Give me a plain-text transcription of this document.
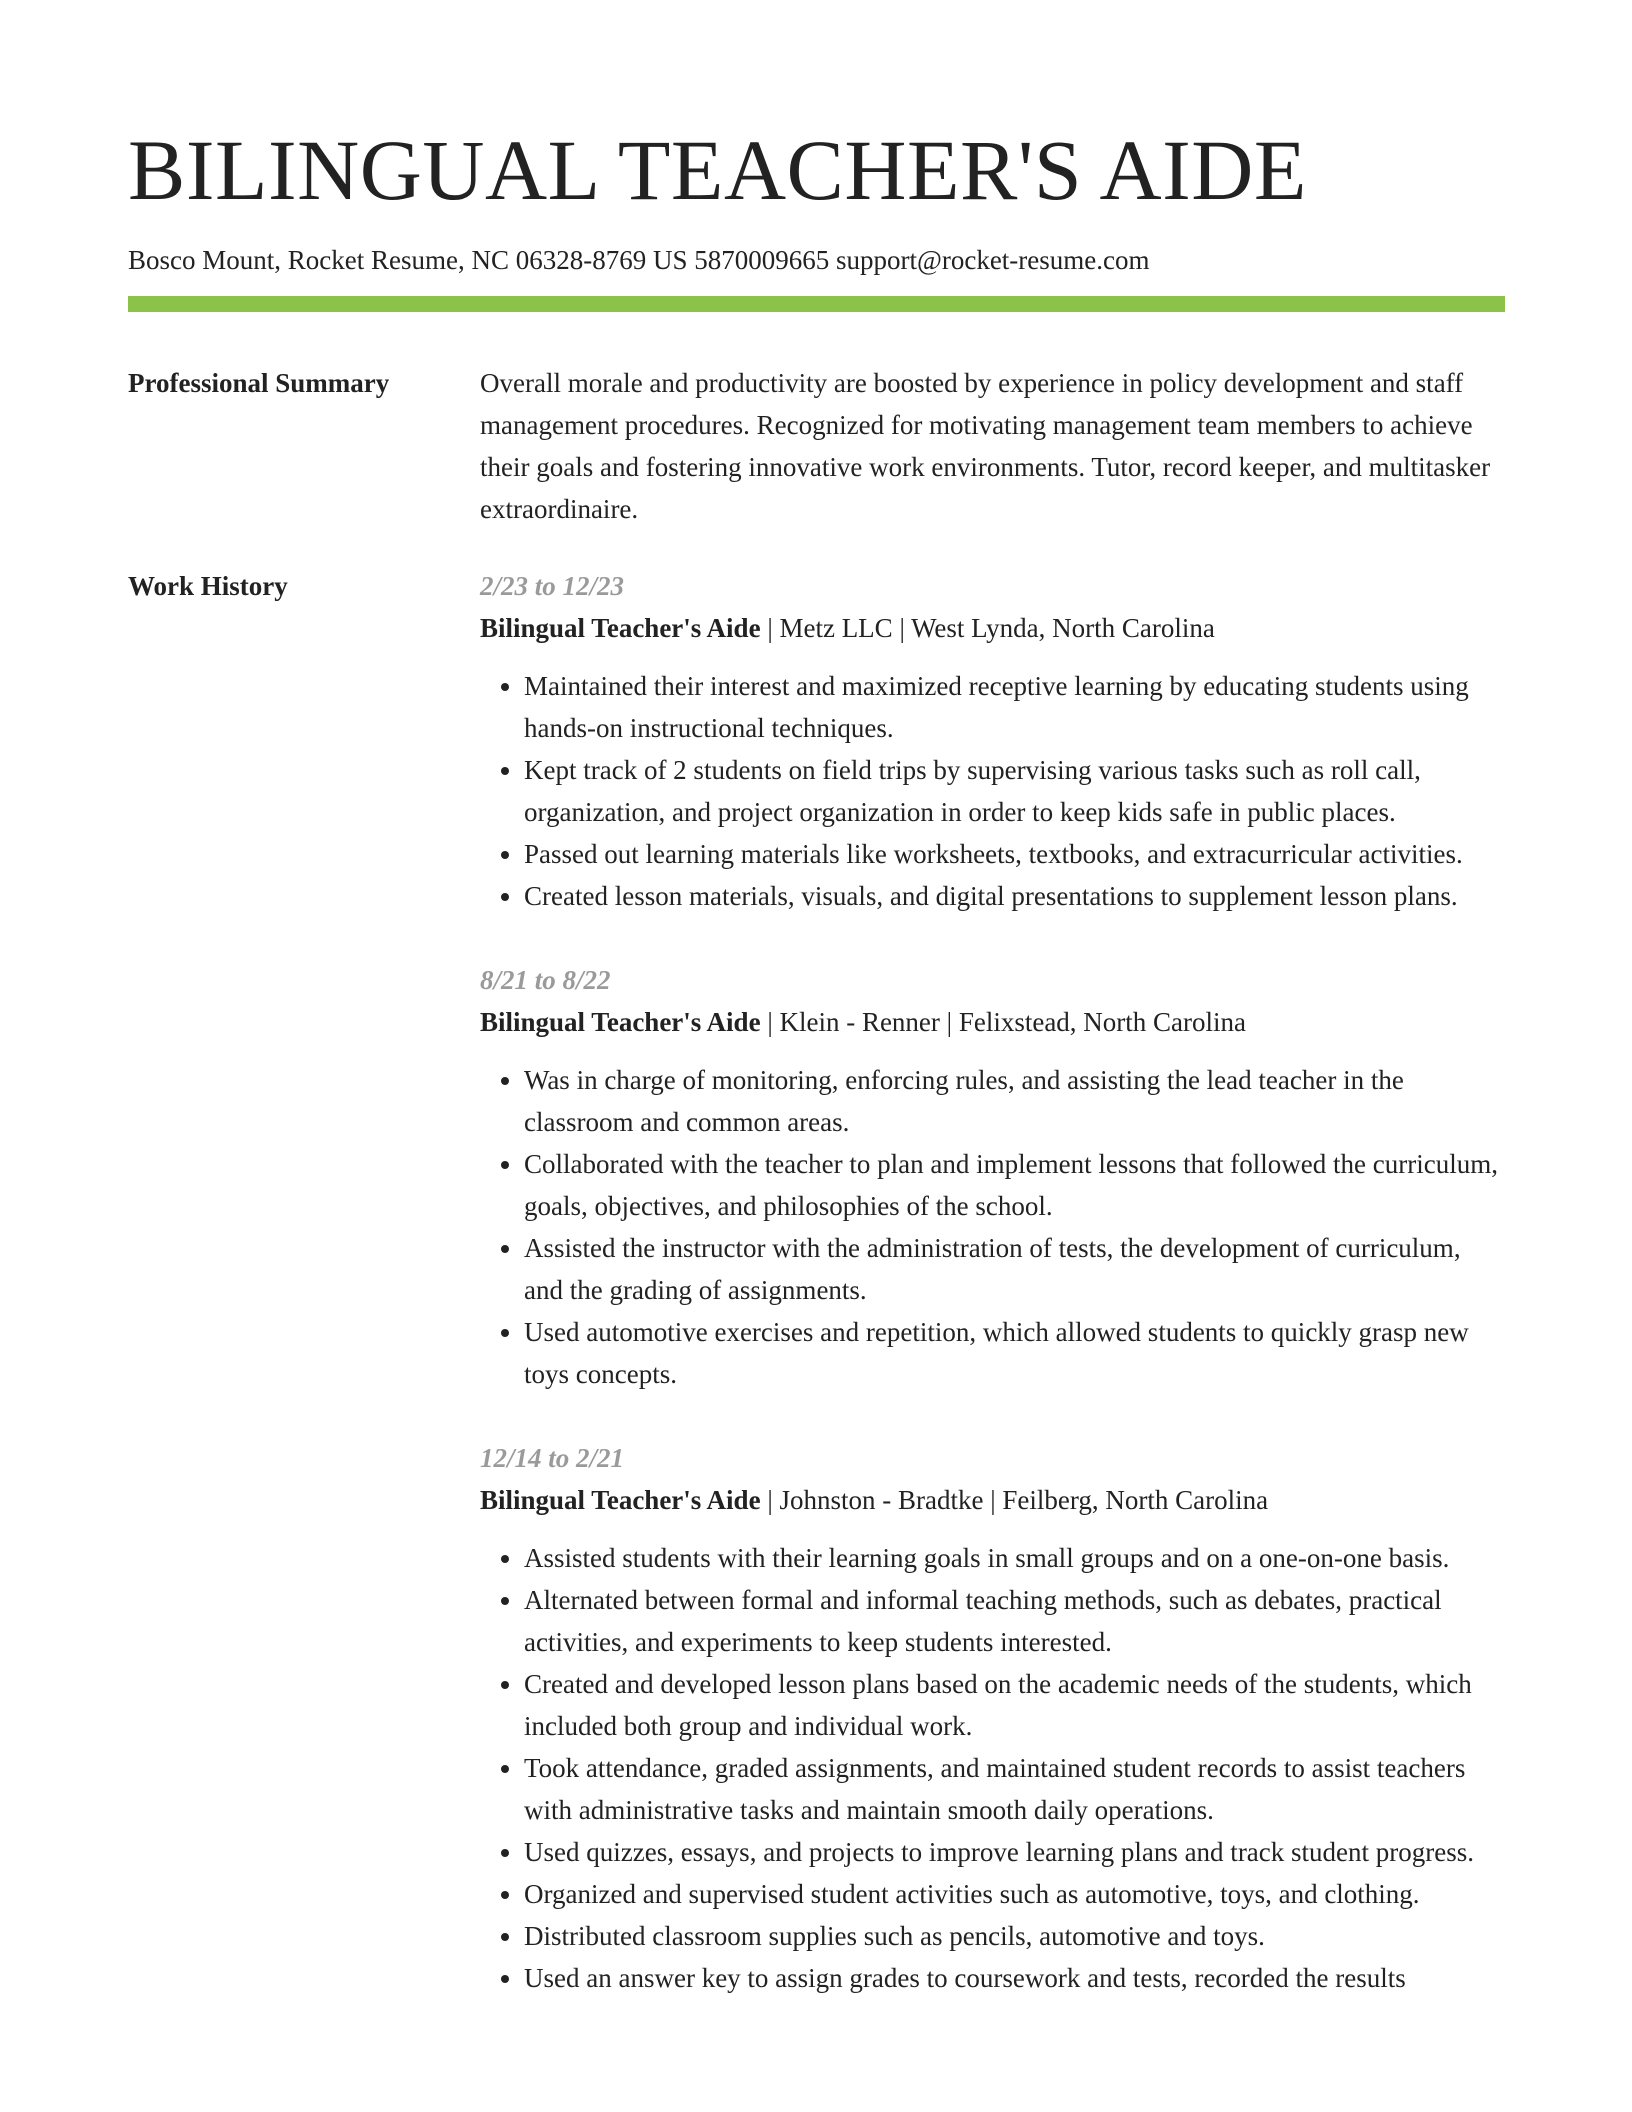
BILINGUAL TEACHER'S AIDE
Bosco Mount, Rocket Resume, NC 06328-8769 US 5870009665 support@rocket-resume.com
Professional Summary	Overall morale and productivity are boosted by experience in policy development and staff management procedures. Recognized for motivating management team members to achieve their goals and fostering innovative work environments. Tutor, record keeper, and multitasker extraordinaire.

Work History	2/23 to 12/23
Bilingual Teacher's Aide | Metz LLC | West Lynda, North Carolina
• Maintained their interest and maximized receptive learning by educating students using hands-on instructional techniques.
• Kept track of 2 students on field trips by supervising various tasks such as roll call, organization, and project organization in order to keep kids safe in public places.
• Passed out learning materials like worksheets, textbooks, and extracurricular activities.
• Created lesson materials, visuals, and digital presentations to supplement lesson plans.
8/21 to 8/22
Bilingual Teacher's Aide | Klein - Renner | Felixstead, North Carolina
• Was in charge of monitoring, enforcing rules, and assisting the lead teacher in the classroom and common areas.
• Collaborated with the teacher to plan and implement lessons that followed the curriculum, goals, objectives, and philosophies of the school.
• Assisted the instructor with the administration of tests, the development of curriculum, and the grading of assignments.
• Used automotive exercises and repetition, which allowed students to quickly grasp new toys concepts.
12/14 to 2/21
Bilingual Teacher's Aide | Johnston - Bradtke | Feilberg, North Carolina
• Assisted students with their learning goals in small groups and on a one-on-one basis.
• Alternated between formal and informal teaching methods, such as debates, practical activities, and experiments to keep students interested.
• Created and developed lesson plans based on the academic needs of the students, which included both group and individual work.
• Took attendance, graded assignments, and maintained student records to assist teachers with administrative tasks and maintain smooth daily operations.
• Used quizzes, essays, and projects to improve learning plans and track student progress.
• Organized and supervised student activities such as automotive, toys, and clothing.
• Distributed classroom supplies such as pencils, automotive and toys.
• Used an answer key to assign grades to coursework and tests, recorded the results
